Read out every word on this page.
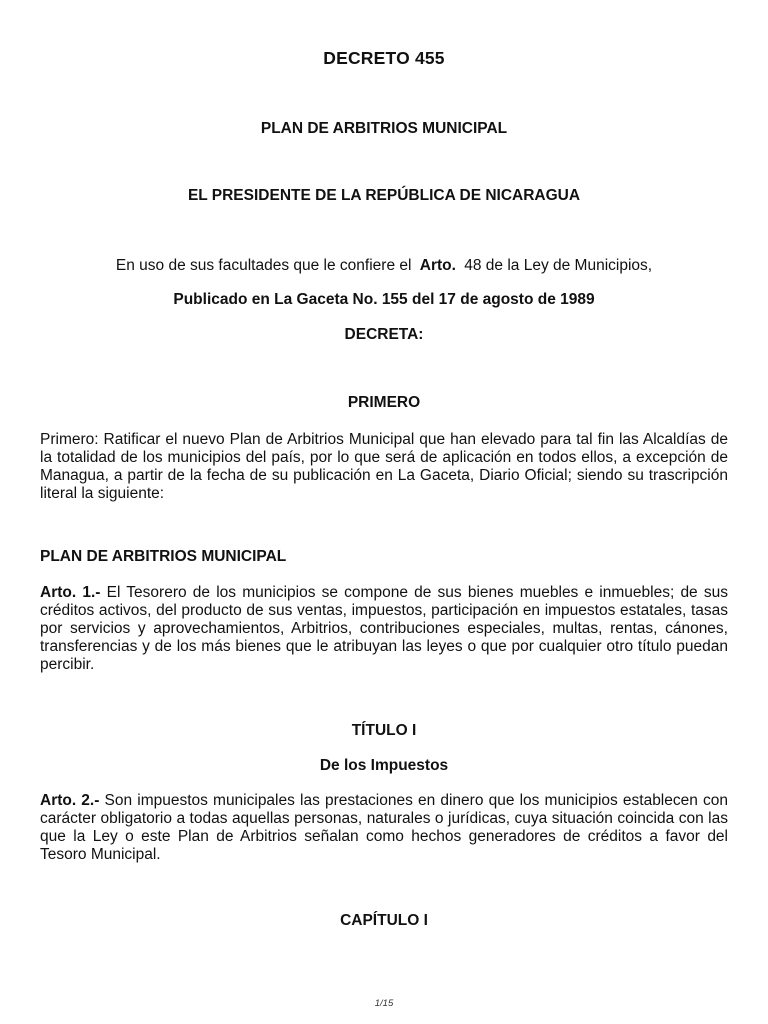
DECRETO 455
PLAN DE ARBITRIOS MUNICIPAL
EL PRESIDENTE DE LA REPÚBLICA DE NICARAGUA
En uso de sus facultades que le confiere el Arto. 48 de la Ley de Municipios,
Publicado en La Gaceta No. 155 del 17 de agosto de 1989
DECRETA:
PRIMERO

Primero: Ratificar el nuevo Plan de Arbitrios Municipal que han elevado para tal fin las Alcaldías de la totalidad de los municipios del país, por lo que será de aplicación en todos ellos, a excepción de Managua, a partir de la fecha de su publicación en La Gaceta, Diario Oficial; siendo su trascripción literal la siguiente:

PLAN DE ARBITRIOS MUNICIPAL

Arto. 1.- El Tesorero de los municipios se compone de sus bienes muebles e inmuebles; de sus créditos activos, del producto de sus ventas, impuestos, participación en impuestos estatales, tasas por servicios y aprovechamientos, Arbitrios, contribuciones especiales, multas, rentas, cánones, transferencias y de los más bienes que le atribuyan las leyes o que por cualquier otro título puedan percibir.

TÍTULO I
De los Impuestos

Arto. 2.- Son impuestos municipales las prestaciones en dinero que los municipios establecen con carácter obligatorio a todas aquellas personas, naturales o jurídicas, cuya situación coincida con las que la Ley o este Plan de Arbitrios señalan como hechos generadores de créditos a favor del Tesoro Municipal.

CAPÍTULO I
1/15
